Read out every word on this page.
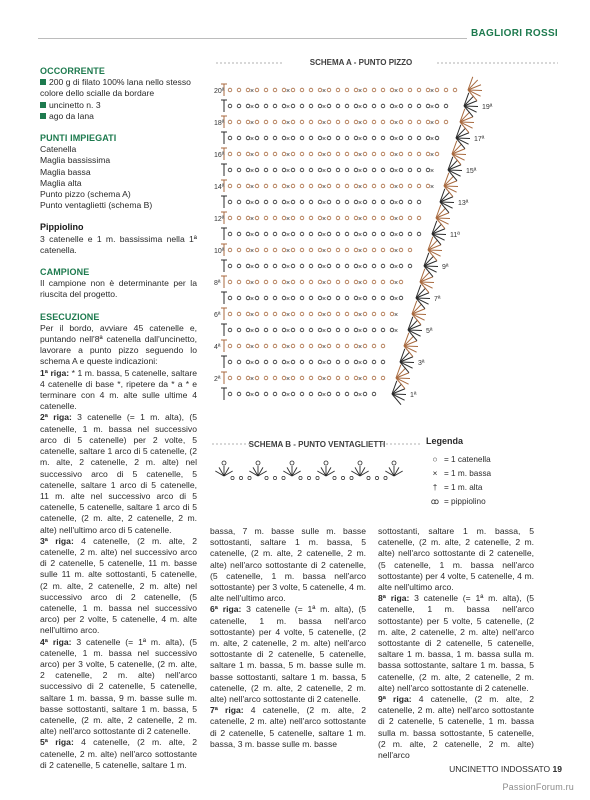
BAGLIORI ROSSI
OCCORRENTE
200 g di filato 100% lana nello stesso colore dello scialle da bordare
uncinetto n. 3
ago da lana
PUNTI IMPIEGATI
Catenella
Maglia bassissima
Maglia bassa
Maglia alta
Punto pizzo (schema A)
Punto ventaglietti (schema B)
Pippiolino
3 catenelle e 1 m. bassissima nella 1ª catenella.
CAMPIONE
Il campione non è determinante per la riuscita del progetto.
ESECUZIONE
Per il bordo, avviare 45 catenelle e, puntando nell'8ª catenella dall'uncinetto, lavorare a punto pizzo seguendo lo schema A e queste indicazioni:
1ª riga: * 1 m. bassa, 5 catenelle, saltare 4 catenelle di base *, ripetere da * a * e terminare con 4 m. alte sulle ultime 4 catenelle.
2ª riga: 3 catenelle (= 1 m. alta), (5 catenelle, 1 m. bassa nel successivo arco di 5 catenelle) per 2 volte, 5 catenelle, saltare 1 arco di 5 catenelle, (2 m. alte, 2 catenelle, 2 m. alte) nel successivo arco di 5 catenelle, 5 catenelle, saltare 1 arco di 5 catenelle, 11 m. alte nel successivo arco di 5 catenelle, 5 catenelle, saltare 1 arco di 5 catenelle, (2 m. alte, 2 catenelle, 2 m. alte) nell'ultimo arco di 5 catenelle.
3ª riga: 4 catenelle, (2 m. alte, 2 catenelle, 2 m. alte) nel successivo arco di 2 catenelle, 5 catenelle, 11 m. basse sulle 11 m. alte sottostanti, 5 catenelle, (2 m. alte, 2 catenelle, 2 m. alte) nel successivo arco di 2 catenelle, (5 catenelle, 1 m. bassa nel successivo arco) per 2 volte, 5 catenelle, 4 m. alte nell'ultimo arco.
4ª riga: 3 catenelle (= 1ª m. alta), (5 catenelle, 1 m. bassa nel successivo arco) per 3 volte, 5 catenelle, (2 m. alte, 2 catenelle, 2 m. alte) nell'arco successivo di 2 catenelle, 5 catenelle, saltare 1 m. bassa, 9 m. basse sulle m. basse sottostanti, saltare 1 m. bassa, 5 catenelle, (2 m. alte, 2 catenelle, 2 m. alte) nell'arco sottostante di 2 catenelle.
5ª riga: 4 catenelle, (2 m. alte, 2 catenelle, 2 m. alte) nell'arco sottostante di 2 catenelle, 5 catenelle, saltare 1 m.
SCHEMA A - PUNTO PIZZO
×	×	×	×
×	×	×	×
×	×	×	×
×	×	×	×
×	×	×	×	×
×	×	×	×	×
×	×	×	×	×
×	×	×	×	×
×	×	×	×	×
×	×	×	×	×
×	×	×	×	×
×	×	×	×	×
×	×	×	×	×
×	×	×	×	×	×
×	×	×	×	×	×
×	×	×	×	×	×
×	×	×	×	×	×
×	×	×	×	×	×
×	×	×	×	×	×
×	×	×	×	×	×
20ª
18ª
16ª
14ª
12ª
10ª
8ª
6ª
4ª
2ª
19ª
17ª
15ª
13ª
11ª
9ª
7ª
5ª
3ª
1ª
SCHEMA B - PUNTO VENTAGLIETTI	Legenda
○ = 1 catenella
× = 1 m. bassa
† = 1 m. alta
ꝏ = pippiolino
bassa, 7 m. basse sulle m. basse sottostanti, saltare 1 m. bassa, 5 catenelle, (2 m. alte, 2 catenelle, 2 m. alte) nell'arco sottostante di 2 catenelle, (5 catenelle, 1 m. bassa nell'arco sottostante) per 3 volte, 5 catenelle, 4 m. alte nell'ultimo arco.
6ª riga: 3 catenelle (= 1ª m. alta), (5 catenelle, 1 m. bassa nell'arco sottostante) per 4 volte, 5 catenelle, (2 m. alte, 2 catenelle, 2 m. alte) nell'arco sottostante di 2 catenelle, 5 catenelle, saltare 1 m. bassa, 5 m. basse sulle m. basse sottostanti, saltare 1 m. bassa, 5 catenelle, (2 m. alte, 2 catenelle, 2 m. alte) nell'arco sottostante di 2 catenelle.
7ª riga: 4 catenelle, (2 m. alte, 2 catenelle, 2 m. alte) nell'arco sottostante di 2 catenelle, 5 catenelle, saltare 1 m. bassa, 3 m. basse sulle m. basse
sottostanti, saltare 1 m. bassa, 5 catenelle, (2 m. alte, 2 catenelle, 2 m. alte) nell'arco sottostante di 2 catenelle, (5 catenelle, 1 m. bassa nell'arco sottostante) per 4 volte, 5 catenelle, 4 m. alte nell'ultimo arco.
8ª riga: 3 catenelle (= 1ª m. alta), (5 catenelle, 1 m. bassa nell'arco sottostante) per 5 volte, 5 catenelle, (2 m. alte, 2 catenelle, 2 m. alte) nell'arco sottostante di 2 catenelle, 5 catenelle, saltare 1 m. bassa, 1 m. bassa sulla m. bassa sottostante, saltare 1 m. bassa, 5 catenelle, (2 m. alte, 2 catenelle, 2 m. alte) nell'arco sottostante di 2 catenelle.
9ª riga: 4 catenelle, (2 m. alte, 2 catenelle, 2 m. alte) nell'arco sottostante di 2 catenelle, 5 catenelle, 1 m. bassa sulla m. bassa sottostante, 5 catenelle, (2 m. alte, 2 catenelle, 2 m. alte) nell'arco
UNCINETTO INDOSSATO 19
PassionForum.ru
